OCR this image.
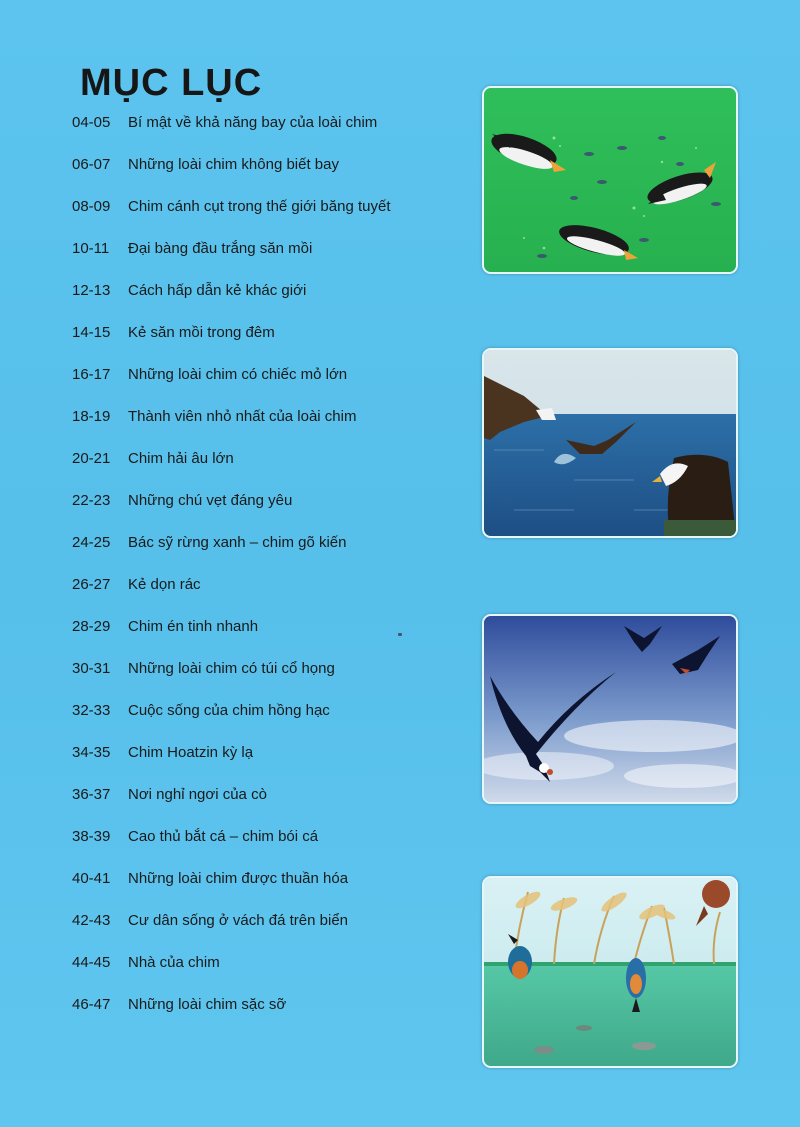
MỤC LỤC
04-05 Bí mật về khả năng bay của loài chim
06-07 Những loài chim không biết bay
08-09 Chim cánh cụt trong thế giới băng tuyết
10-11 Đại bàng đầu trắng săn mồi
12-13 Cách hấp dẫn kẻ khác giới
14-15 Kẻ săn mồi trong đêm
16-17 Những loài chim có chiếc mỏ lớn
18-19 Thành viên nhỏ nhất của loài chim
20-21 Chim hải âu lớn
22-23 Những chú vẹt đáng yêu
24-25 Bác sỹ rừng xanh – chim gõ kiến
26-27 Kẻ dọn rác
28-29 Chim én tinh nhanh
30-31 Những loài chim có túi cổ họng
32-33 Cuộc sống của chim hồng hạc
34-35 Chim Hoatzin kỳ lạ
36-37 Nơi nghỉ ngơi của cò
38-39 Cao thủ bắt cá – chim bói cá
40-41 Những loài chim được thuần hóa
42-43 Cư dân sống ở vách đá trên biển
44-45 Nhà của chim
46-47 Những loài chim sặc sỡ
